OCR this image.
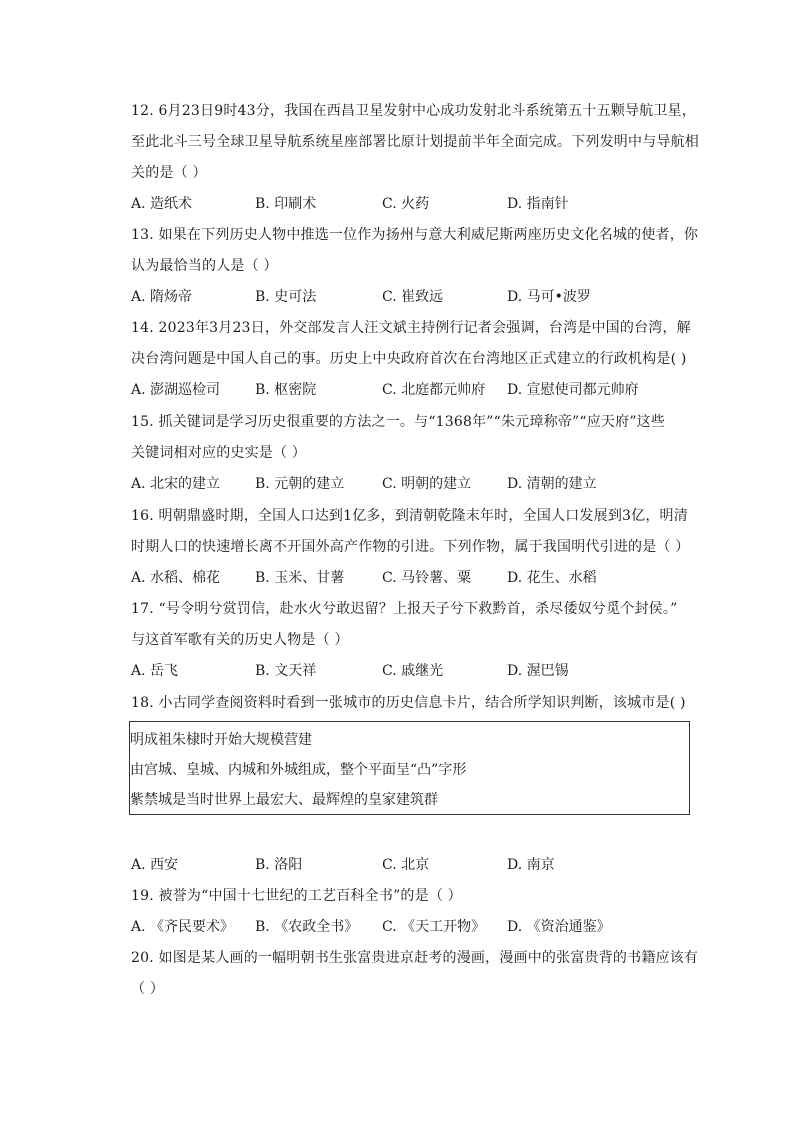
12. 6月23日9时43分，我国在西昌卫星发射中心成功发射北斗系统第五十五颗导航卫星，
至此北斗三号全球卫星导航系统星座部署比原计划提前半年全面完成。下列发明中与导航相
关的是（ ）
A. 造纸术	B. 印刷术	C. 火药	D. 指南针
13. 如果在下列历史人物中推选一位作为扬州与意大利威尼斯两座历史文化名城的使者，你
认为最恰当的人是（ ）
A. 隋炀帝	B. 史可法	C. 崔致远	D. 马可•波罗
14. 2023年3月23日，外交部发言人汪文斌主持例行记者会强调，台湾是中国的台湾，解
决台湾问题是中国人自己的事。历史上中央政府首次在台湾地区正式建立的行政机构是( )
A. 澎湖巡检司 B. 枢密院	C. 北庭都元帅府 D. 宣慰使司都元帅府
15. 抓关键词是学习历史很重要的方法之一。与“1368年”“朱元璋称帝”“应天府”这些
关键词相对应的史实是（ ）
A. 北宋的建立 B. 元朝的建立	C. 明朝的建立	D. 清朝的建立
16. 明朝鼎盛时期，全国人口达到1亿多，到清朝乾隆末年时，全国人口发展到3亿，明清
时期人口的快速增长离不开国外高产作物的引进。下列作物，属于我国明代引进的是（ ）
A. 水稻、棉花 B. 玉米、甘薯	C. 马铃薯、粟	D. 花生、水稻
17. “号令明兮赏罚信，赴水火兮敢迟留？上报天子兮下救黔首，杀尽倭奴兮觅个封侯。”
与这首军歌有关的历史人物是（ ）
A. 岳飞	B. 文天祥	C. 戚继光	D. 渥巴锡
18. 小古同学查阅资料时看到一张城市的历史信息卡片，结合所学知识判断，该城市是( )
明成祖朱棣时开始大规模营建
由宫城、皇城、内城和外城组成，整个平面呈“凸”字形
紫禁城是当时世界上最宏大、最辉煌的皇家建筑群
A. 西安	B. 洛阳	C. 北京	D. 南京
19. 被誉为“中国十七世纪的工艺百科全书”的是（ ）
A. 《齐民要术》 B. 《农政全书》 C. 《天工开物》 D. 《资治通鉴》
20. 如图是某人画的一幅明朝书生张富贵进京赶考的漫画，漫画中的张富贵背的书籍应该有
（ ）
